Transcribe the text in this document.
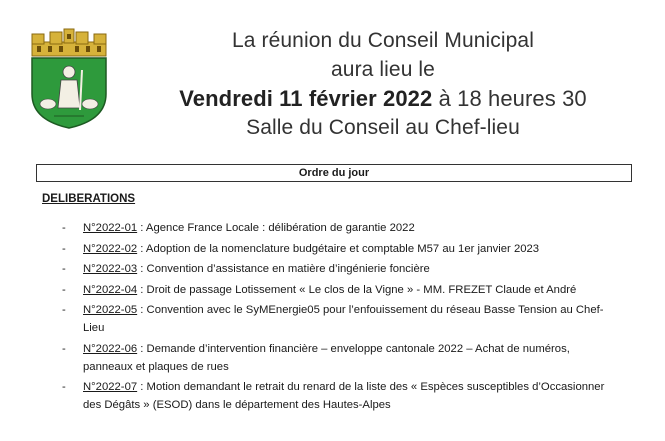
La réunion du Conseil Municipal
aura lieu le
Vendredi 11 février 2022 à 18 heures 30
Salle du Conseil au Chef-lieu
Ordre du jour
DELIBERATIONS
- N°2022-01 : Agence France Locale : délibération de garantie 2022
- N°2022-02 : Adoption de la nomenclature budgétaire et comptable M57 au 1er janvier 2023
- N°2022-03 : Convention d’assistance en matière d’ingénierie foncière
- N°2022-04 : Droit de passage Lotissement « Le clos de la Vigne » - MM. FREZET Claude et André
- N°2022-05 : Convention avec le SyMEnergie05 pour l’enfouissement du réseau Basse Tension au Chef-Lieu
- N°2022-06 : Demande d’intervention financière – enveloppe cantonale 2022 – Achat de numéros, panneaux et plaques de rues
- N°2022-07 : Motion demandant le retrait du renard de la liste des « Espèces susceptibles d’Occasionner des Dégâts » (ESOD) dans le département des Hautes-Alpes
